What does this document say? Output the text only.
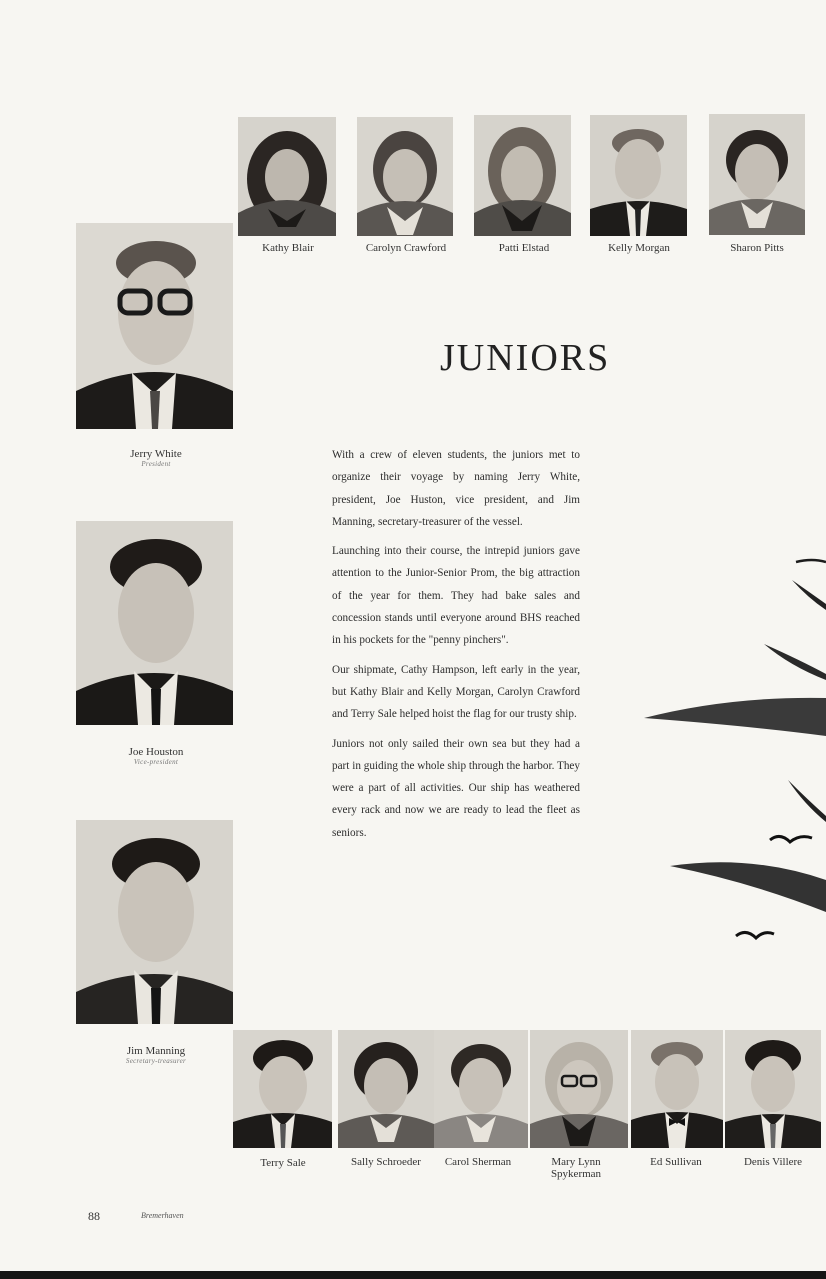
Kathy Blair	Carolyn Crawford	Patti Elstad	Kelly Morgan	Sharon Pitts

Jerry White

President

Joe Houston

Vice-president

Jim Manning

Secretary-treasurer

JUNIORS

With a crew of eleven students, the juniors met to organize their voyage by naming Jerry White, president, Joe Huston, vice president, and Jim Manning, secretary-treasurer of the vessel.

Launching into their course, the intrepid juniors gave attention to the Junior-Senior Prom, the big attraction of the year for them. They had bake sales and concession stands until everyone around BHS reached in his pockets for the "penny pinchers".

Our shipmate, Cathy Hampson, left early in the year, but Kathy Blair and Kelly Morgan, Carolyn Crawford and Terry Sale helped hoist the flag for our trusty ship.

Juniors not only sailed their own sea but they had a part in guiding the whole ship through the harbor. They were a part of all activities. Our ship has weathered every rack and now we are ready to lead the fleet as seniors.

Terry Sale	Sally Schroeder	Carol Sherman	Mary Lynn
Spykerman
Ed Sullivan	Denis Villere
88	Bremerhaven
